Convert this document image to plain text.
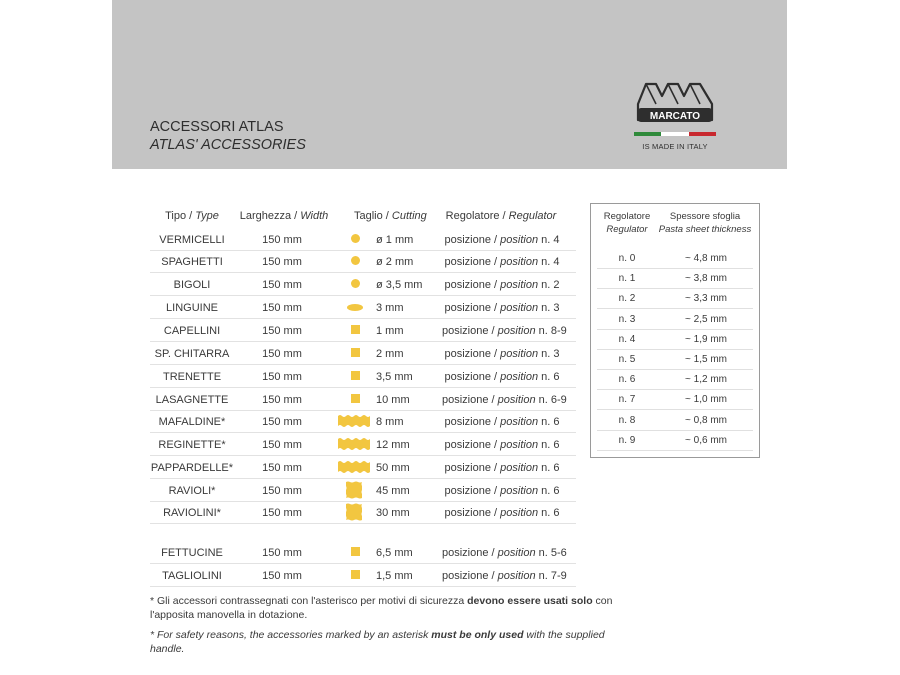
ACCESSORI ATLAS
ATLAS' ACCESSORIES
MARCATO
IS MADE IN ITALY
Tipo / Type	Larghezza / Width	Taglio / Cutting	Regolatore / Regulator
VERMICELLI	150 mm	ø 1 mm	posizione / position n. 4
SPAGHETTI	150 mm	ø 2 mm	posizione / position n. 4
BIGOLI	150 mm	ø 3,5 mm posizione / position n. 2
LINGUINE	150 mm	3 mm	posizione / position n. 3
CAPELLINI	150 mm	1 mm	posizione / position n. 8-9
SP. CHITARRA	150 mm	2 mm	posizione / position n. 3
TRENETTE	150 mm	3,5 mm	posizione / position n. 6
LASAGNETTE	150 mm	10 mm	posizione / position n. 6-9
MAFALDINE*	150 mm	8 mm	posizione / position n. 6
REGINETTE*	150 mm	12 mm	posizione / position n. 6
PAPPARDELLE*	150 mm	50 mm	posizione / position n. 6
RAVIOLI*	150 mm	45 mm	posizione / position n. 6
RAVIOLINI*	150 mm	30 mm	posizione / position n. 6
FETTUCINE	150 mm	6,5 mm	posizione / position n. 5-6
TAGLIOLINI	150 mm	1,5 mm	posizione / position n. 7-9
Regolatore
Regulator
Spessore sfoglia
Pasta sheet thickness
n. 0	~ 4,8 mm
n. 1	~ 3,8 mm
n. 2	~ 3,3 mm
n. 3	~ 2,5 mm
n. 4	~ 1,9 mm
n. 5	~ 1,5 mm
n. 6	~ 1,2 mm
n. 7	~ 1,0 mm
n. 8	~ 0,8 mm
n. 9	~ 0,6 mm

* Gli accessori contrassegnati con l'asterisco per motivi di sicurezza devono essere usati solo con l'apposita manovella in dotazione.

* For safety reasons, the accessories marked by an asterisk must be only used with the supplied handle.
